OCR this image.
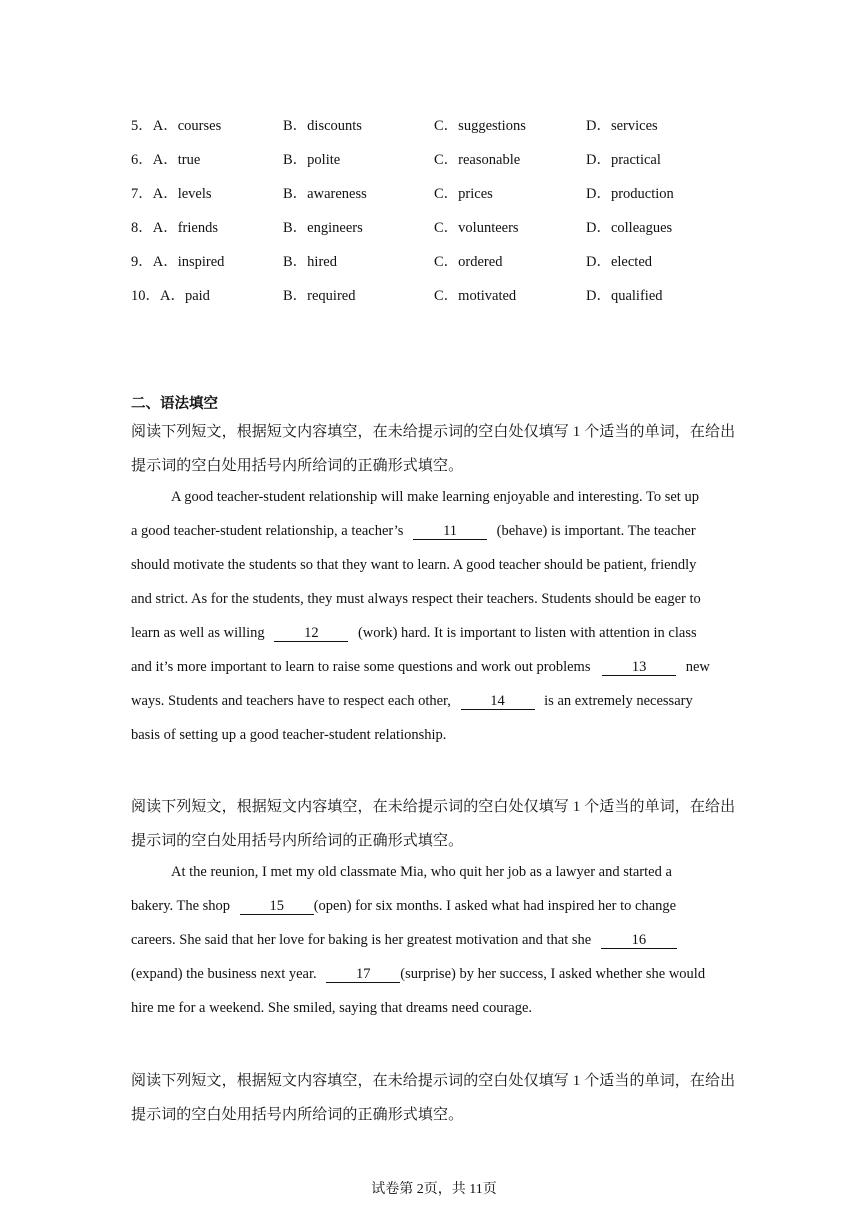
5．A．courses	B．discounts	C．suggestions	D．services
6．A．true	B．polite	C．reasonable	D．practical
7．A．levels	B．awareness	C．prices	D．production
8．A．friends	B．engineers	C．volunteers	D．colleagues
9．A．inspired	B．hired	C．ordered	D．elected
10．A．paid	B．required	C．motivated	D．qualified
二、语法填空
阅读下列短文，根据短文内容填空，在未给提示词的空白处仅填写 1 个适当的单词，在给出
提示词的空白处用括号内所给词的正确形式填空。
A good teacher-student relationship will make learning enjoyable and interesting. To set up
a good teacher-student relationship, a teacher’s	11	(behave) is important. The teacher
should motivate the students so that they want to learn. A good teacher should be patient, friendly
and strict. As for the students, they must always respect their teachers. Students should be eager to
learn as well as willing	12	(work) hard. It is important to listen with attention in class
and it’s more important to learn to raise some questions and work out problems	13	new
ways. Students and teachers have to respect each other,	14	is an extremely necessary
basis of setting up a good teacher-student relationship.
阅读下列短文，根据短文内容填空，在未给提示词的空白处仅填写 1 个适当的单词，在给出
提示词的空白处用括号内所给词的正确形式填空。
At the reunion, I met my old classmate Mia, who quit her job as a lawyer and started a
bakery. The shop	15 (open) for six months. I asked what had inspired her to change
careers. She said that her love for baking is her greatest motivation and that she	16
(expand) the business next year.	17 (surprise) by her success, I asked whether she would
hire me for a weekend. She smiled, saying that dreams need courage.
阅读下列短文，根据短文内容填空，在未给提示词的空白处仅填写 1 个适当的单词，在给出
提示词的空白处用括号内所给词的正确形式填空。
试卷第 2页，共 11页
